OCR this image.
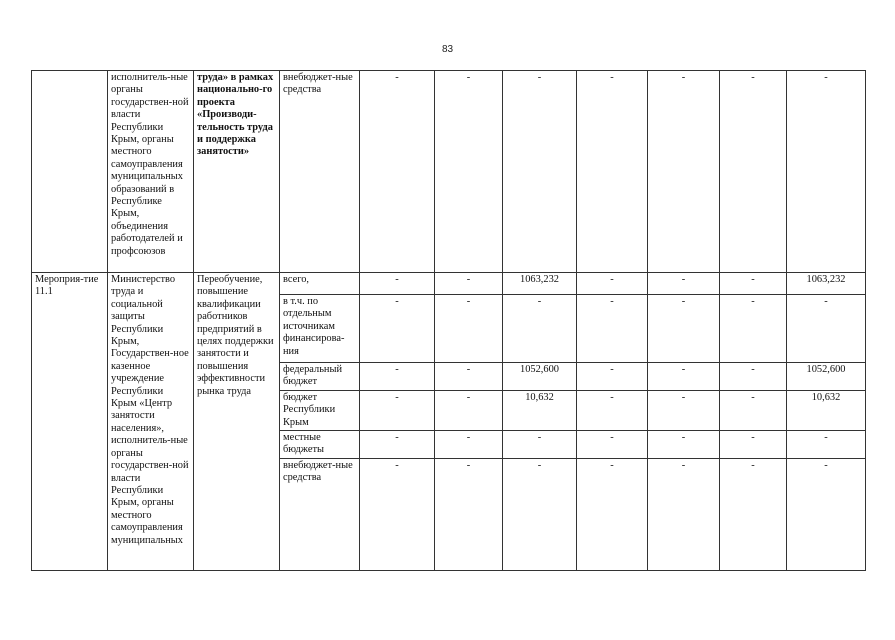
83
	исполнитель-ные органы государствен-ной власти Республики Крым, органы местного самоуправления муниципальных образований в Республике Крым, объединения работодателей и профсоюзов	труда» в рамках национально-го проекта «Производи-тельность труда и поддержка занятости»	внебюджет-ные средства	-	-	-	-	-	-	-
Мероприя-тие 11.1	Министерство труда и социальной защиты Республики Крым, Государствен-ное казенное учреждение Республики Крым «Центр занятости населения», исполнитель-ные органы государствен-ной власти Республики Крым, органы местного самоуправления муниципальных	Переобучение, повышение квалификации работников предприятий в целях поддержки занятости и повышения эффективности рынка труда	всего,	-	-	1063,232	-	-	-	1063,232
			в т.ч. по отдельным источникам финансирова-ния	-	-	-	-	-	-	-
			федеральный бюджет	-	-	1052,600	-	-	-	1052,600
			бюджет Республики Крым	-	-	10,632	-	-	-	10,632
			местные бюджеты	-	-	-	-	-	-	-
			внебюджет-ные средства	-	-	-	-	-	-	-
